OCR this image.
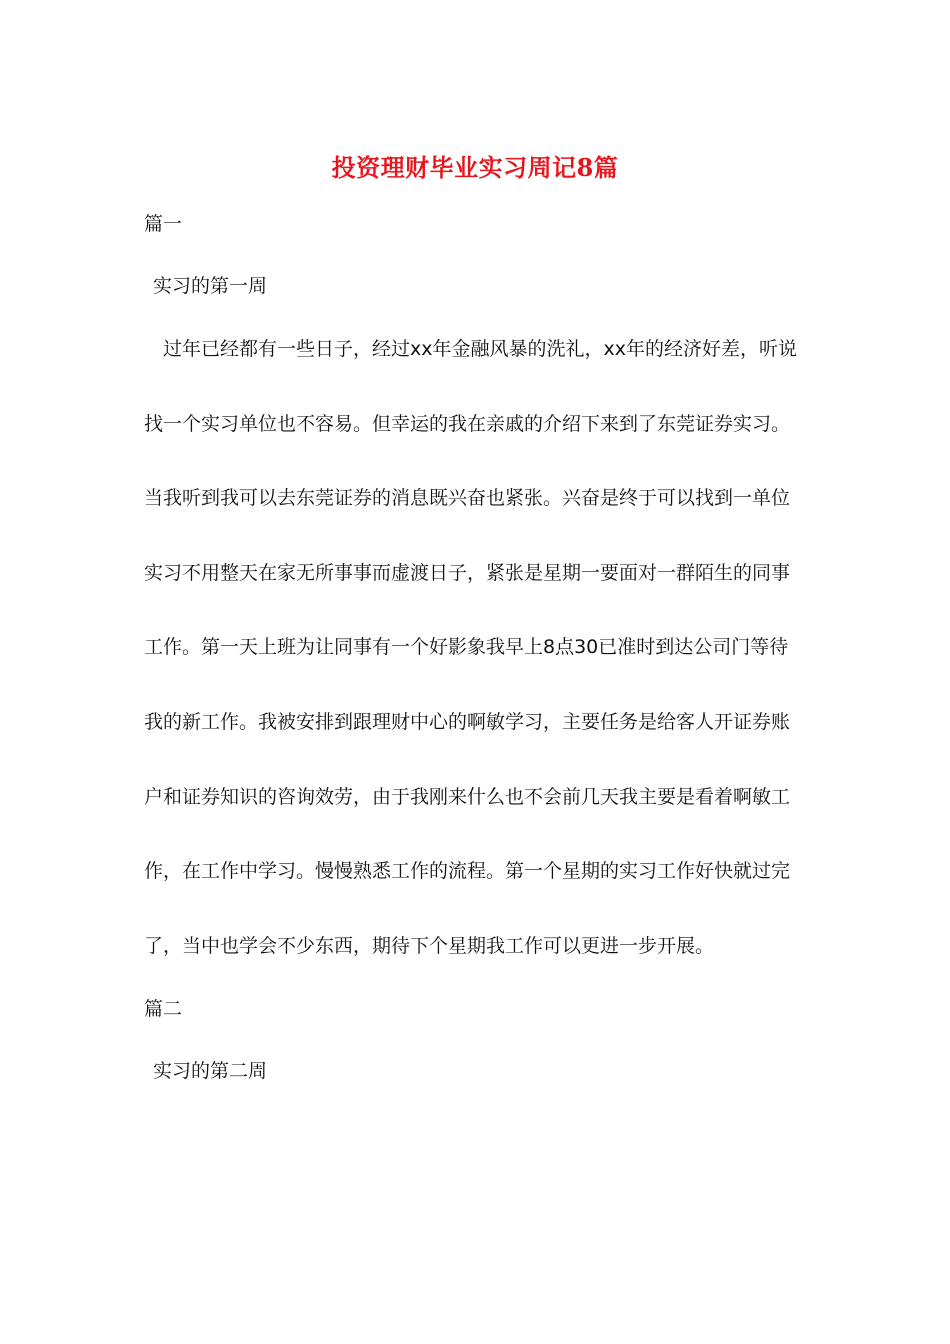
投资理财毕业实习周记8篇
篇一
实习的第一周
过年已经都有一些日子，经过xx年金融风暴的洗礼，xx年的经济好差，听说
找一个实习单位也不容易。但幸运的我在亲戚的介绍下来到了东莞证券实习。
当我听到我可以去东莞证券的消息既兴奋也紧张。兴奋是终于可以找到一单位
实习不用整天在家无所事事而虚渡日子，紧张是星期一要面对一群陌生的同事
工作。第一天上班为让同事有一个好影象我早上8点30已准时到达公司门等待
我的新工作。我被安排到跟理财中心的啊敏学习，主要任务是给客人开证券账
户和证券知识的咨询效劳，由于我刚来什么也不会前几天我主要是看着啊敏工
作，在工作中学习。慢慢熟悉工作的流程。第一个星期的实习工作好快就过完
了，当中也学会不少东西，期待下个星期我工作可以更进一步开展。
篇二
实习的第二周
